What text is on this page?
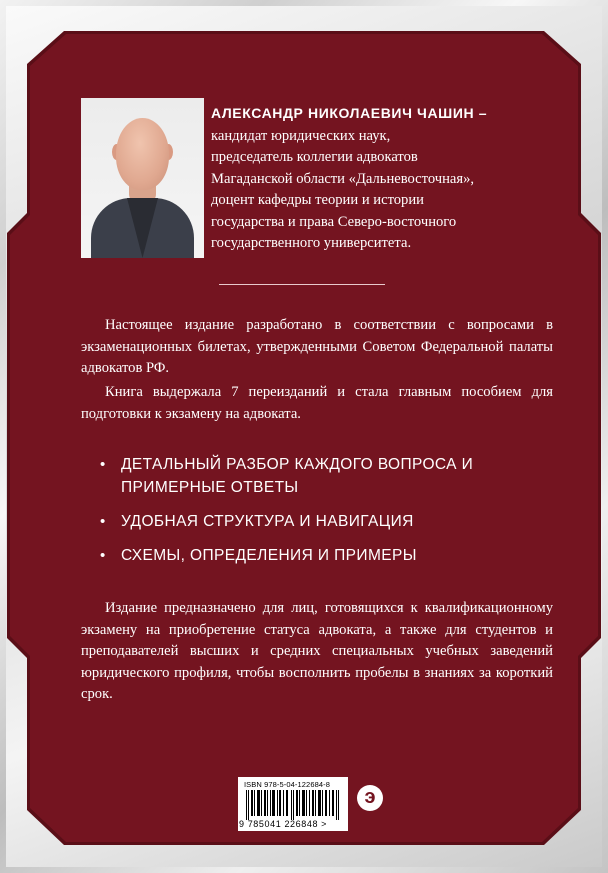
АЛЕКСАНДР НИКОЛАЕВИЧ ЧАШИН –
кандидат юридических наук,
председатель коллегии адвокатов
Магаданской области «Дальневосточная»,
доцент кафедры теории и истории
государства и права Северо-восточного
государственного университета.

Настоящее издание разработано в соответствии с вопросами в экзаменационных билетах, утвержденными Советом Федеральной палаты адвокатов РФ.

Книга выдержала 7 переизданий и стала главным пособием для подготовки к экзамену на адвоката.

• ДЕТАЛЬНЫЙ РАЗБОР КАЖДОГО ВОПРОСА И ПРИМЕРНЫЕ ОТВЕТЫ
• УДОБНАЯ СТРУКТУРА И НАВИГАЦИЯ
• СХЕМЫ, ОПРЕДЕЛЕНИЯ И ПРИМЕРЫ

Издание предназначено для лиц, готовящихся к квалификационному экзамену на приобретение статуса адвоката, а также для студентов и преподавателей высших и средних специальных учебных заведений юридического профиля, чтобы восполнить пробелы в знаниях за короткий срок.

ISBN 978-5-04-122684-8
9 785041 226848 >
э
